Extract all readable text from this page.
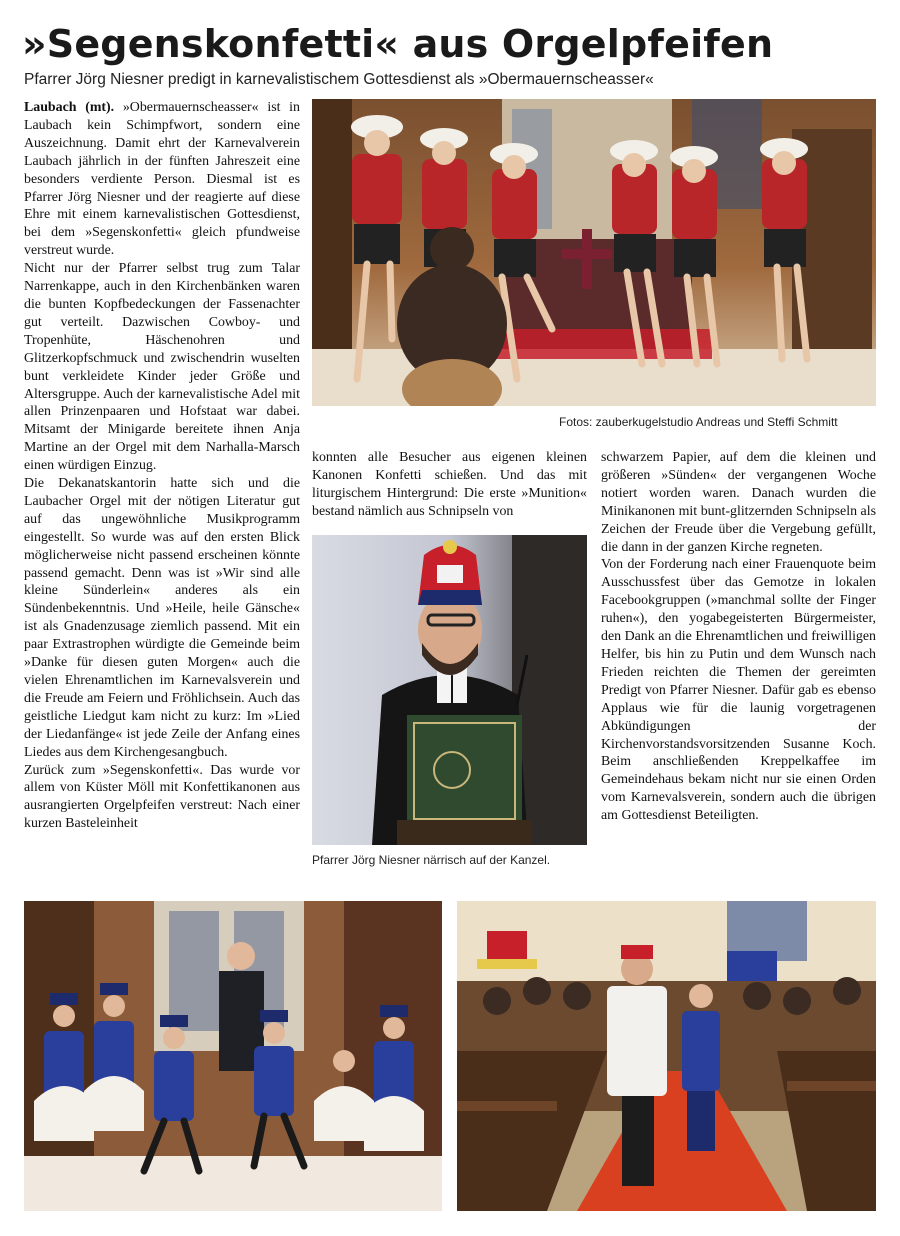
»Segenskonfetti« aus Orgelpfeifen
Pfarrer Jörg Niesner predigt in karnevalistischem Gottesdienst als »Obermauernscheasser«

Laubach (mt). »Obermauernscheasser« ist in Laubach kein Schimpfwort, sondern eine Auszeichnung. Damit ehrt der Karnevalverein Laubach jährlich in der fünften Jahreszeit eine besonders verdiente Person. Diesmal ist es Pfarrer Jörg Niesner und der reagierte auf diese Ehre mit einem karnevalistischen Gottesdienst, bei dem »Segenskonfetti« gleich pfundweise verstreut wurde.

Nicht nur der Pfarrer selbst trug zum Talar Narrenkappe, auch in den Kirchenbänken waren die bunten Kopfbedeckungen der Fassenachter gut verteilt. Dazwischen Cowboy- und Tropenhüte, Häschenohren und Glitzerkopfschmuck und zwischendrin wuselten bunt verkleidete Kinder jeder Größe und Altersgruppe. Auch der karnevalistische Adel mit allen Prinzenpaaren und Hofstaat war dabei. Mitsamt der Minigarde bereitete ihnen Anja Martine an der Orgel mit dem Narhalla-Marsch einen würdigen Einzug.

Die Dekanatskantorin hatte sich und die Laubacher Orgel mit der nötigen Literatur gut auf das ungewöhnliche Musikprogramm eingestellt. So wurde was auf den ersten Blick möglicherweise nicht passend erscheinen könnte passend gemacht. Denn was ist »Wir sind alle kleine Sünderlein« anderes als ein Sündenbekenntnis. Und »Heile, heile Gänsche« ist als Gnadenzusage ziemlich passend. Mit ein paar Extrastrophen würdigte die Gemeinde beim »Danke für diesen guten Morgen« auch die vielen Ehrenamtlichen im Karnevalsverein und die Freude am Feiern und Fröhlichsein. Auch das geistliche Liedgut kam nicht zu kurz: Im »Lied der Liedanfänge« ist jede Zeile der Anfang eines Liedes aus dem Kirchengesangbuch.

Zurück zum »Segenskonfetti«. Das wurde vor allem von Küster Möll mit Konfettikanonen aus ausrangierten Orgelpfeifen verstreut: Nach einer kurzen Basteleinheit

Fotos: zauberkugelstudio Andreas und Steffi Schmitt

konnten alle Besucher aus eigenen kleinen Kanonen Konfetti schießen. Und das mit liturgischem Hintergrund: Die erste »Munition« bestand nämlich aus Schnipseln von

Pfarrer Jörg Niesner närrisch auf der Kanzel.

schwarzem Papier, auf dem die kleinen und größeren »Sünden« der vergangenen Woche notiert worden waren. Danach wurden die Minikanonen mit bunt-glitzernden Schnipseln als Zeichen der Freude über die Vergebung gefüllt, die dann in der ganzen Kirche regneten.

Von der Forderung nach einer Frauenquote beim Ausschussfest über das Gemotze in lokalen Facebookgruppen (»manchmal sollte der Finger ruhen«), den yogabegeisterten Bürgermeister, den Dank an die Ehrenamtlichen und freiwilligen Helfer, bis hin zu Putin und dem Wunsch nach Frieden reichten die Themen der gereimten Predigt von Pfarrer Niesner. Dafür gab es ebenso Applaus wie für die launig vorgetragenen Abkündigungen der Kirchenvorstandsvorsitzenden Susanne Koch. Beim anschließenden Kreppelkaffee im Gemeindehaus bekam nicht nur sie einen Orden vom Karnevalsverein, sondern auch die übrigen am Gottesdienst Beteiligten.
